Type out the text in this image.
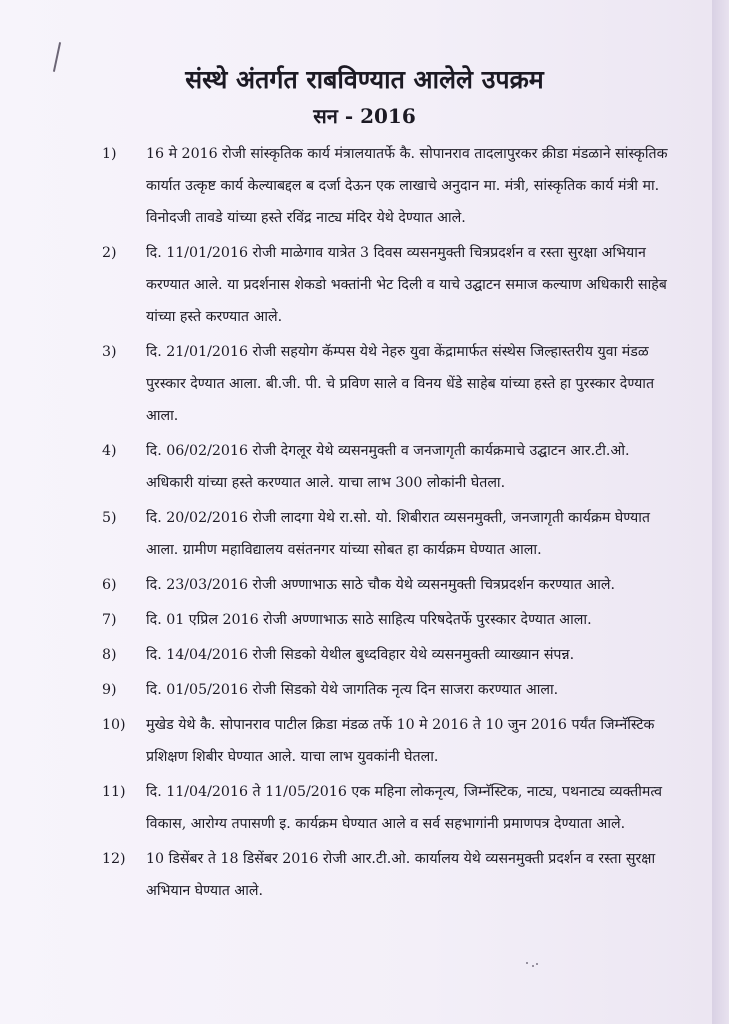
संस्थे अंतर्गत राबविण्यात आलेले उपक्रम
सन - 2016
1) 16 मे 2016 रोजी सांस्कृतिक कार्य मंत्रालयातर्फे कै. सोपानराव तादलापुरकर क्रीडा मंडळाने सांस्कृतिक कार्यात उत्कृष्ट कार्य केल्याबद्दल ब दर्जा देऊन एक लाखाचे अनुदान मा. मंत्री, सांस्कृतिक कार्य मंत्री मा. विनोदजी तावडे यांच्या हस्ते रविंद्र नाट्य मंदिर येथे देण्यात आले.
2) दि. 11/01/2016 रोजी माळेगाव यात्रेत 3 दिवस व्यसनमुक्ती चित्रप्रदर्शन व रस्ता सुरक्षा अभियान करण्यात आले. या प्रदर्शनास शेकडो भक्तांनी भेट दिली व याचे उद्घाटन समाज कल्याण अधिकारी साहेब यांच्या हस्ते करण्यात आले.
3) दि. 21/01/2016 रोजी सहयोग कॅम्पस येथे नेहरु युवा केंद्रामार्फत संस्थेस जिल्हास्तरीय युवा मंडळ पुरस्कार देण्यात आला. बी.जी. पी. चे प्रविण साले व विनय धेंडे साहेब यांच्या हस्ते हा पुरस्कार देण्यात आला.
4) दि. 06/02/2016 रोजी देगलूर येथे व्यसनमुक्ती व जनजागृती कार्यक्रमाचे उद्घाटन आर.टी.ओ. अधिकारी यांच्या हस्ते करण्यात आले. याचा लाभ 300 लोकांनी घेतला.
5) दि. 20/02/2016 रोजी लादगा येथे रा.सो. यो. शिबीरात व्यसनमुक्ती, जनजागृती कार्यक्रम घेण्यात आला. ग्रामीण महाविद्यालय वसंतनगर यांच्या सोबत हा कार्यक्रम घेण्यात आला.
6) दि. 23/03/2016 रोजी अण्णाभाऊ साठे चौक येथे व्यसनमुक्ती चित्रप्रदर्शन करण्यात आले.
7) दि. 01 एप्रिल 2016 रोजी अण्णाभाऊ साठे साहित्य परिषदेतर्फे पुरस्कार देण्यात आला.
8) दि. 14/04/2016 रोजी सिडको येथील बुध्दविहार येथे व्यसनमुक्ती व्याख्यान संपन्न.
9) दि. 01/05/2016 रोजी सिडको येथे जागतिक नृत्य दिन साजरा करण्यात आला.
10) मुखेड येथे कै. सोपानराव पाटील क्रिडा मंडळ तर्फे 10 मे 2016 ते 10 जुन 2016 पर्यंत जिम्नॅस्टिक प्रशिक्षण शिबीर घेण्यात आले. याचा लाभ युवकांनी घेतला.
11) दि. 11/04/2016 ते 11/05/2016 एक महिना लोकनृत्य, जिम्नॅस्टिक, नाट्य, पथनाट्य व्यक्तीमत्व विकास, आरोग्य तपासणी इ. कार्यक्रम घेण्यात आले व सर्व सहभागांनी प्रमाणपत्र देण्याता आले.
12) 10 डिसेंबर ते 18 डिसेंबर 2016 रोजी आर.टी.ओ. कार्यालय येथे व्यसनमुक्ती प्रदर्शन व रस्ता सुरक्षा अभियान घेण्यात आले.
